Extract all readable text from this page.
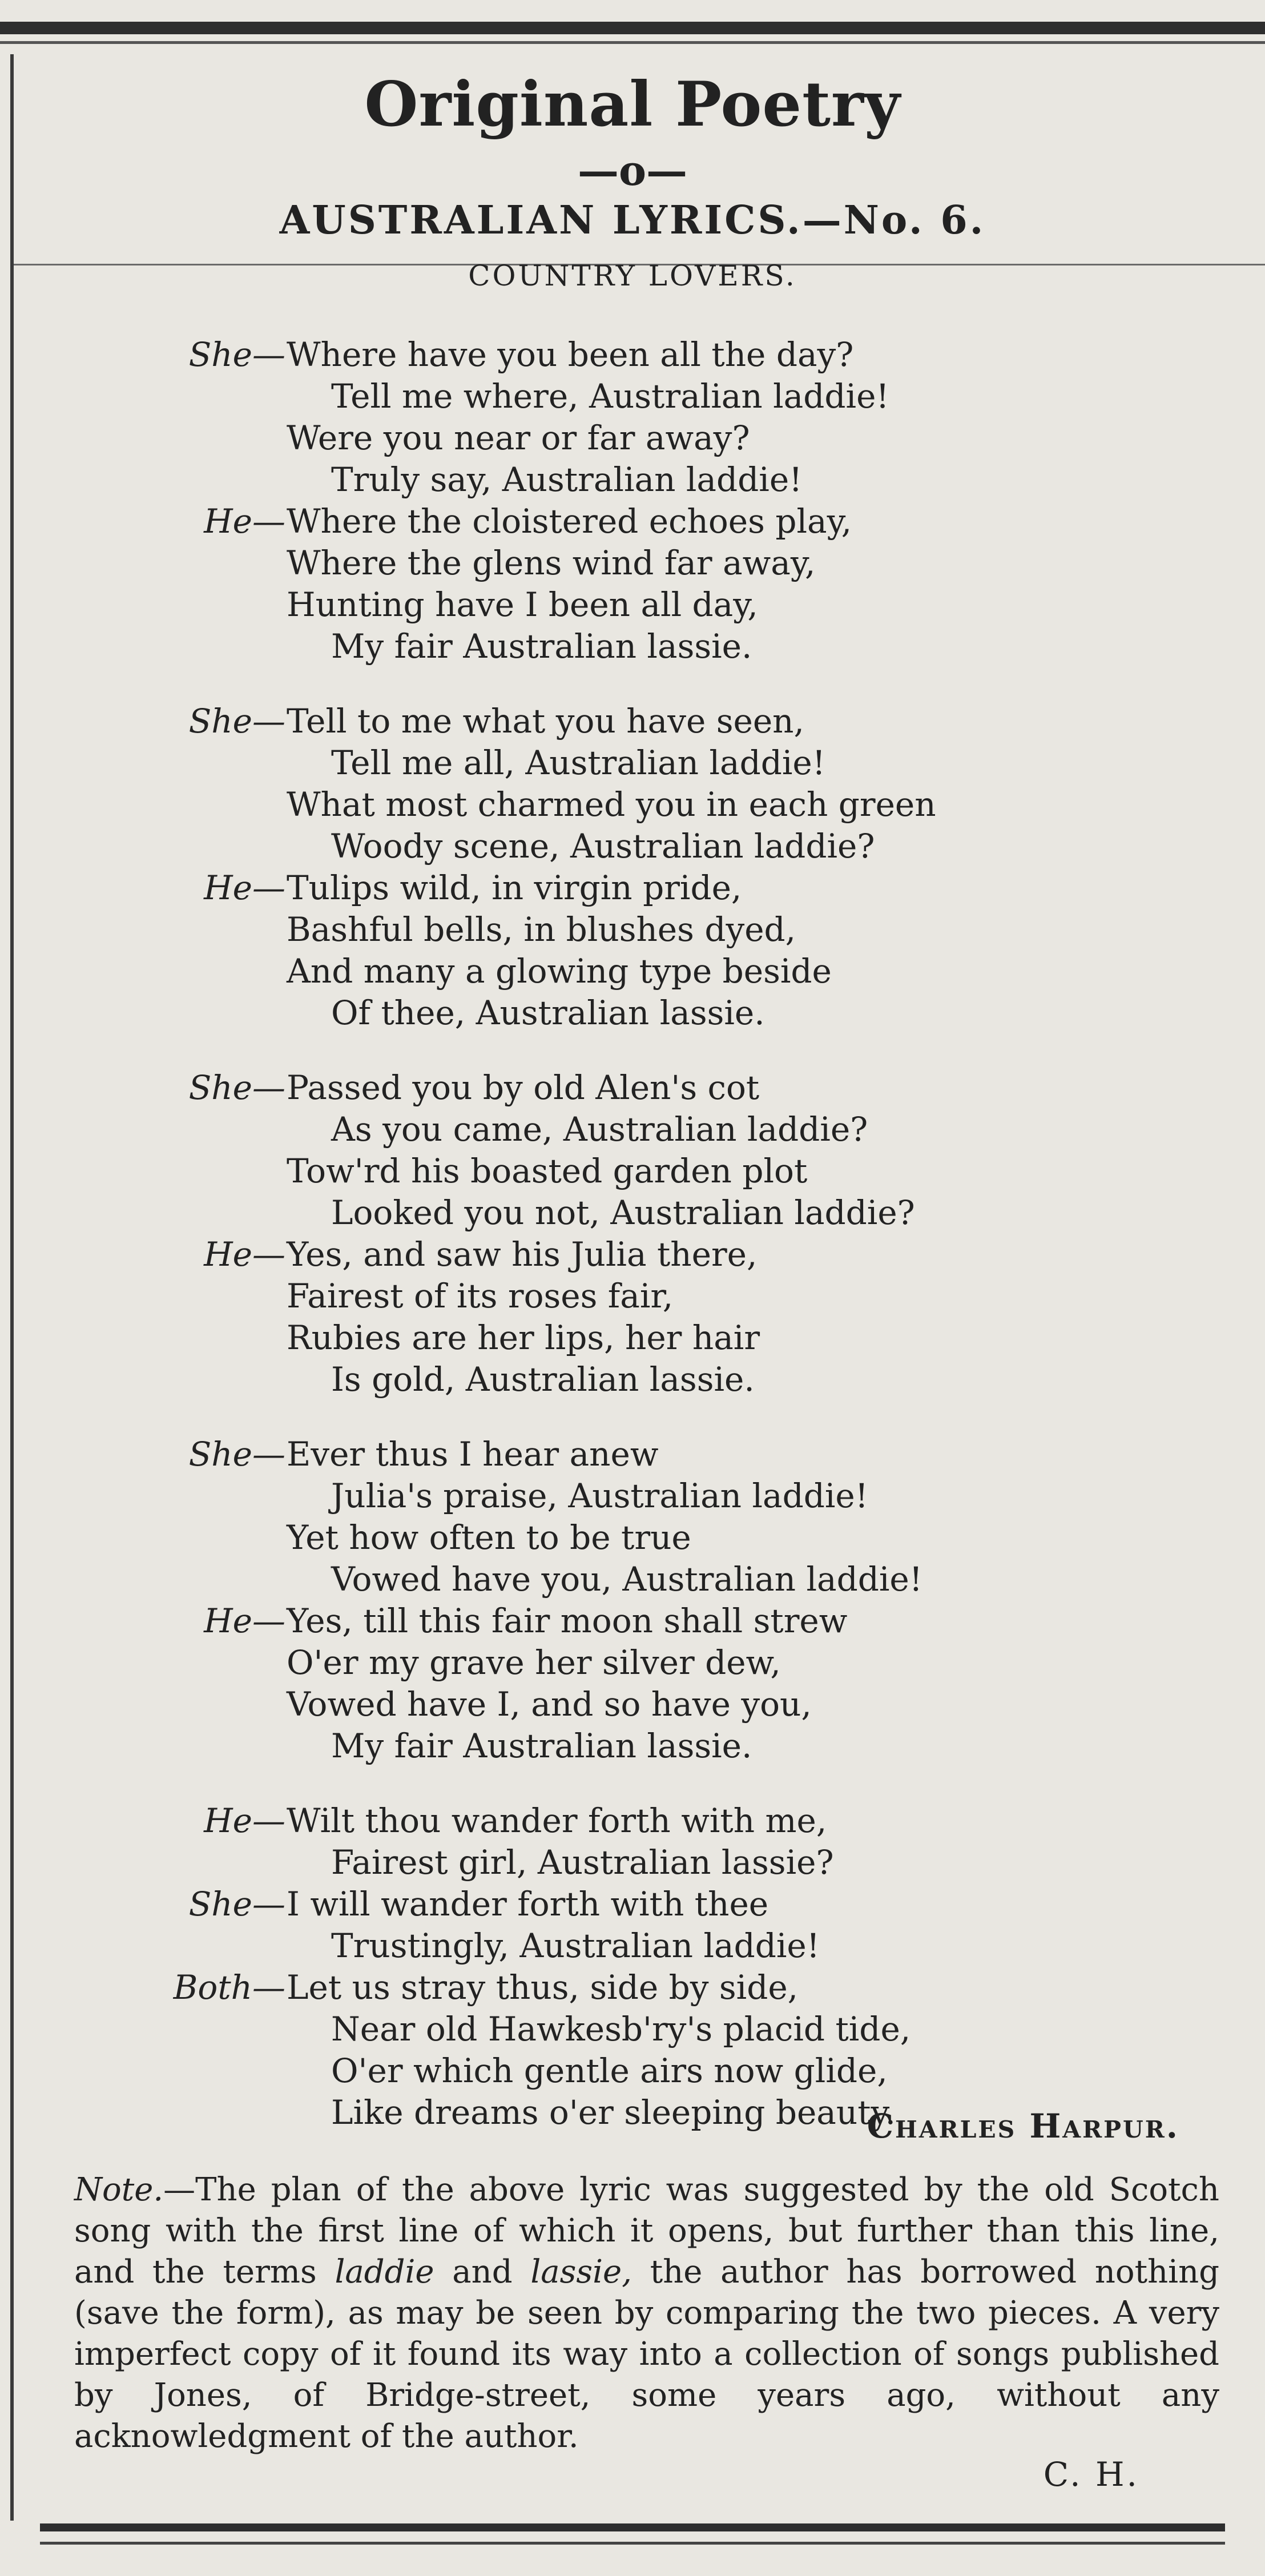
Original Poetry
—o—
AUSTRALIAN LYRICS.—No. 6.
COUNTRY LOVERS.
She— Where have you been all the day?
Tell me where, Australian laddie!
Were you near or far away?
Truly say, Australian laddie!
He— Where the cloistered echoes play,
Where the glens wind far away,
Hunting have I been all day,
My fair Australian lassie.
She— Tell to me what you have seen,
Tell me all, Australian laddie!
What most charmed you in each green
Woody scene, Australian laddie?
He— Tulips wild, in virgin pride,
Bashful bells, in blushes dyed,
And many a glowing type beside
Of thee, Australian lassie.
She— Passed you by old Alen's cot
As you came, Australian laddie?
Tow'rd his boasted garden plot
Looked you not, Australian laddie?
He— Yes, and saw his Julia there,
Fairest of its roses fair,
Rubies are her lips, her hair
Is gold, Australian lassie.
She— Ever thus I hear anew
Julia's praise, Australian laddie!
Yet how often to be true
Vowed have you, Australian laddie!
He— Yes, till this fair moon shall strew
O'er my grave her silver dew,
Vowed have I, and so have you,
My fair Australian lassie.
He— Wilt thou wander forth with me,
Fairest girl, Australian lassie?
She— I will wander forth with thee
Trustingly, Australian laddie!
Both— Let us stray thus, side by side,
Near old Hawkesb'ry's placid tide,
O'er which gentle airs now glide,
Like dreams o'er sleeping beauty.
Charles Harpur.
Note.—The plan of the above lyric was suggested by the old Scotch song with the first line of which it opens, but further than this line, and the terms laddie and lassie, the author has borrowed nothing (save the form), as may be seen by comparing the two pieces. A very imperfect copy of it found its way into a collection of songs published by Jones, of Bridge-street, some years ago, without any acknowledgment of the author.
C. H.
